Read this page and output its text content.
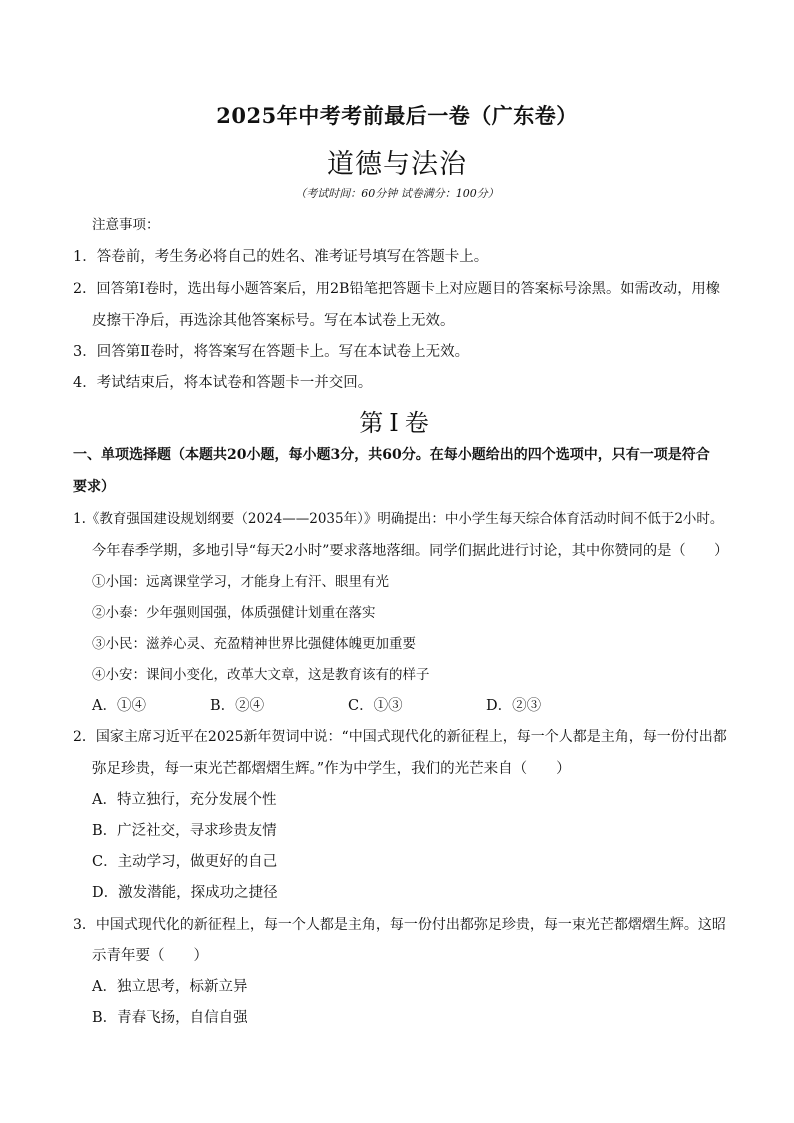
2025年中考考前最后一卷（广东卷）
道德与法治
（考试时间：60分钟 试卷满分：100分）
注意事项：
1．答卷前，考生务必将自己的姓名、准考证号填写在答题卡上。
2．回答第Ⅰ卷时，选出每小题答案后，用2B铅笔把答题卡上对应题目的答案标号涂黑。如需改动，用橡
皮擦干净后，再选涂其他答案标号。写在本试卷上无效。
3．回答第Ⅱ卷时，将答案写在答题卡上。写在本试卷上无效。
4．考试结束后，将本试卷和答题卡一并交回。
第Ⅰ卷
一、单项选择题（本题共20小题，每小题3分，共60分。在每小题给出的四个选项中，只有一项是符合
要求）
1.《教育强国建设规划纲要（2024——2035年）》明确提出：中小学生每天综合体育活动时间不低于2小时。
今年春季学期，多地引导“每天2小时”要求落地落细。同学们据此进行讨论，其中你赞同的是（　　）
①小国：远离课堂学习，才能身上有汗、眼里有光
②小泰：少年强则国强，体质强健计划重在落实
③小民：滋养心灵、充盈精神世界比强健体魄更加重要
④小安：课间小变化，改革大文章，这是教育该有的样子
A．①④	B．②④	C．①③	D．②③
2．国家主席习近平在2025新年贺词中说：“中国式现代化的新征程上，每一个人都是主角，每一份付出都
弥足珍贵，每一束光芒都熠熠生辉。”作为中学生，我们的光芒来自（　　）
A．特立独行，充分发展个性
B．广泛社交，寻求珍贵友情
C．主动学习，做更好的自己
D．激发潜能，探成功之捷径
3．中国式现代化的新征程上，每一个人都是主角，每一份付出都弥足珍贵，每一束光芒都熠熠生辉。这昭
示青年要（　　）
A．独立思考，标新立异
B．青春飞扬，自信自强
